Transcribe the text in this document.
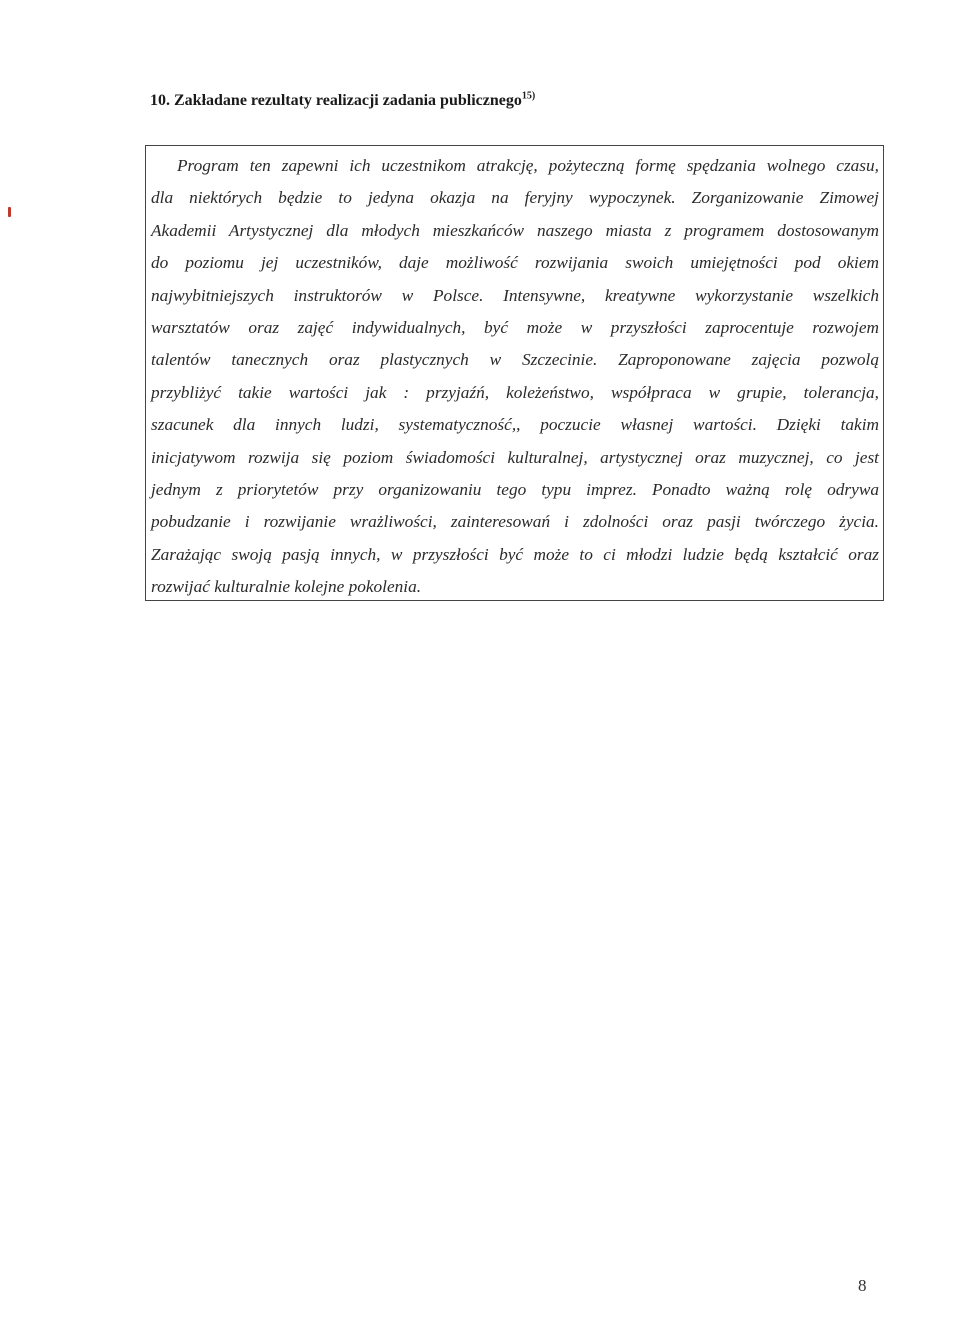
10. Zakładane rezultaty realizacji zadania publicznego$^{15)}$
Program ten zapewni ich uczestnikom atrakcję, pożyteczną formę spędzania wolnego czasu,
dla niektórych będzie to jedyna okazja na feryjny wypoczynek. Zorganizowanie Zimowej
Akademii Artystycznej dla młodych mieszkańców naszego miasta z programem dostosowanym
do poziomu jej uczestników, daje możliwość rozwijania swoich umiejętności pod okiem
najwybitniejszych instruktorów w Polsce. Intensywne, kreatywne wykorzystanie wszelkich
warsztatów oraz zajęć indywidualnych, być może w przyszłości zaprocentuje rozwojem
talentów tanecznych oraz plastycznych w Szczecinie. Zaproponowane zajęcia pozwolą
przybliżyć takie wartości jak : przyjaźń, koleżeństwo, współpraca w grupie, tolerancja,
szacunek dla innych ludzi, systematyczność,, poczucie własnej wartości. Dzięki takim
inicjatywom rozwija się poziom świadomości kulturalnej, artystycznej oraz muzycznej, co jest
jednym z priorytetów przy organizowaniu tego typu imprez. Ponadto ważną rolę odrywa
pobudzanie i rozwijanie wrażliwości, zainteresowań i zdolności oraz pasji twórczego życia.
Zarażając swoją pasją innych, w przyszłości być może to ci młodzi ludzie będą kształcić oraz
rozwijać kulturalnie kolejne pokolenia.
8
